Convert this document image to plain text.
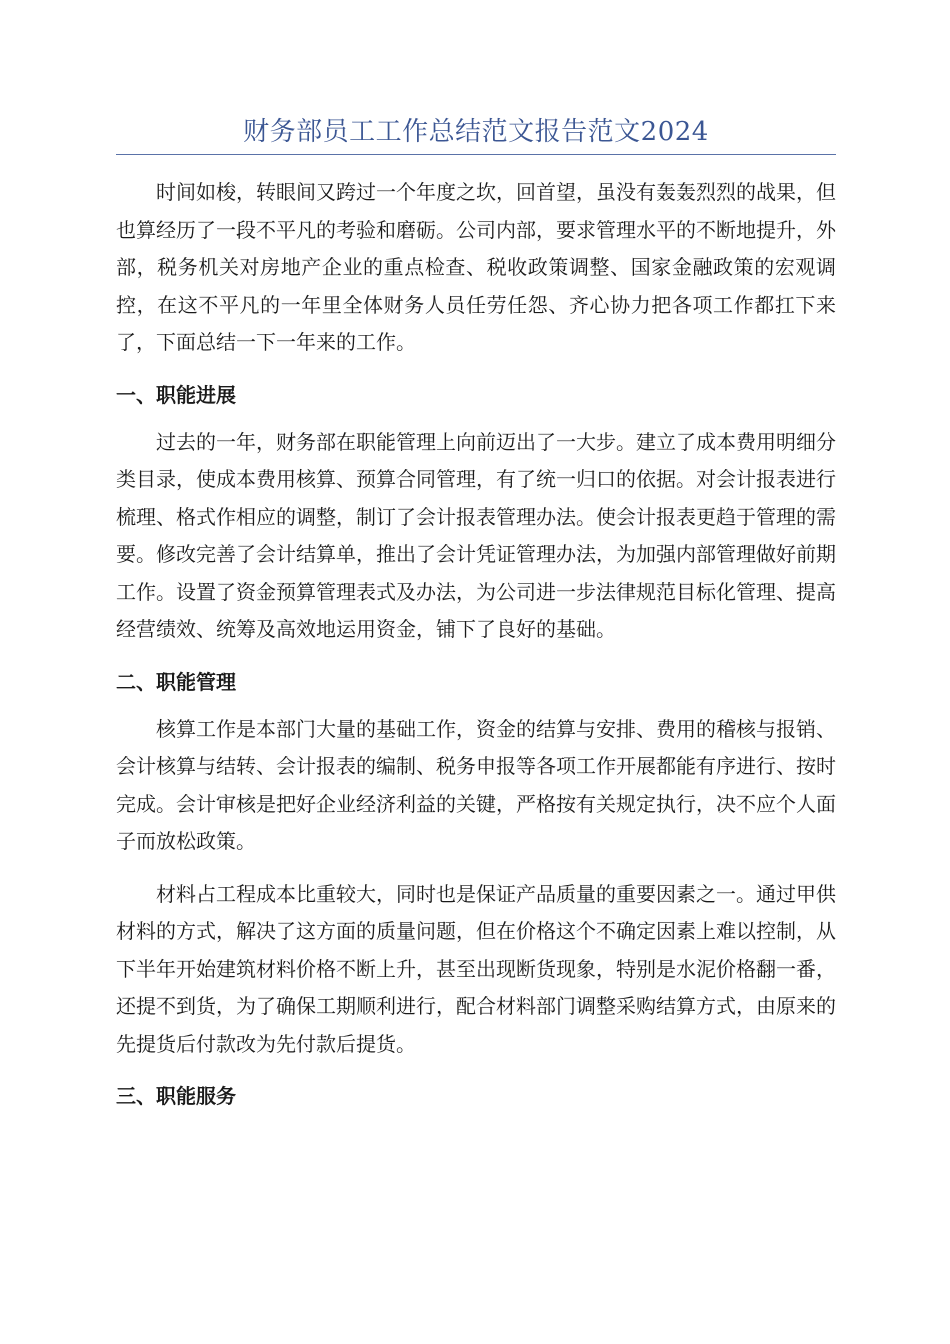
财务部员工工作总结范文报告范文2024

时间如梭，转眼间又跨过一个年度之坎，回首望，虽没有轰轰烈烈的战果，但也算经历了一段不平凡的考验和磨砺。公司内部，要求管理水平的不断地提升，外部，税务机关对房地产企业的重点检查、税收政策调整、国家金融政策的宏观调控，在这不平凡的一年里全体财务人员任劳任怨、齐心协力把各项工作都扛下来了，下面总结一下一年来的工作。

一、职能进展

过去的一年，财务部在职能管理上向前迈出了一大步。建立了成本费用明细分类目录，使成本费用核算、预算合同管理，有了统一归口的依据。对会计报表进行梳理、格式作相应的调整，制订了会计报表管理办法。使会计报表更趋于管理的需要。修改完善了会计结算单，推出了会计凭证管理办法，为加强内部管理做好前期工作。设置了资金预算管理表式及办法，为公司进一步法律规范目标化管理、提高经营绩效、统筹及高效地运用资金，铺下了良好的基础。

二、职能管理

核算工作是本部门大量的基础工作，资金的结算与安排、费用的稽核与报销、会计核算与结转、会计报表的编制、税务申报等各项工作开展都能有序进行、按时完成。会计审核是把好企业经济利益的关键，严格按有关规定执行，决不应个人面子而放松政策。

材料占工程成本比重较大，同时也是保证产品质量的重要因素之一。通过甲供材料的方式，解决了这方面的质量问题，但在价格这个不确定因素上难以控制，从下半年开始建筑材料价格不断上升，甚至出现断货现象，特别是水泥价格翻一番，还提不到货，为了确保工期顺利进行，配合材料部门调整采购结算方式，由原来的先提货后付款改为先付款后提货。

三、职能服务
